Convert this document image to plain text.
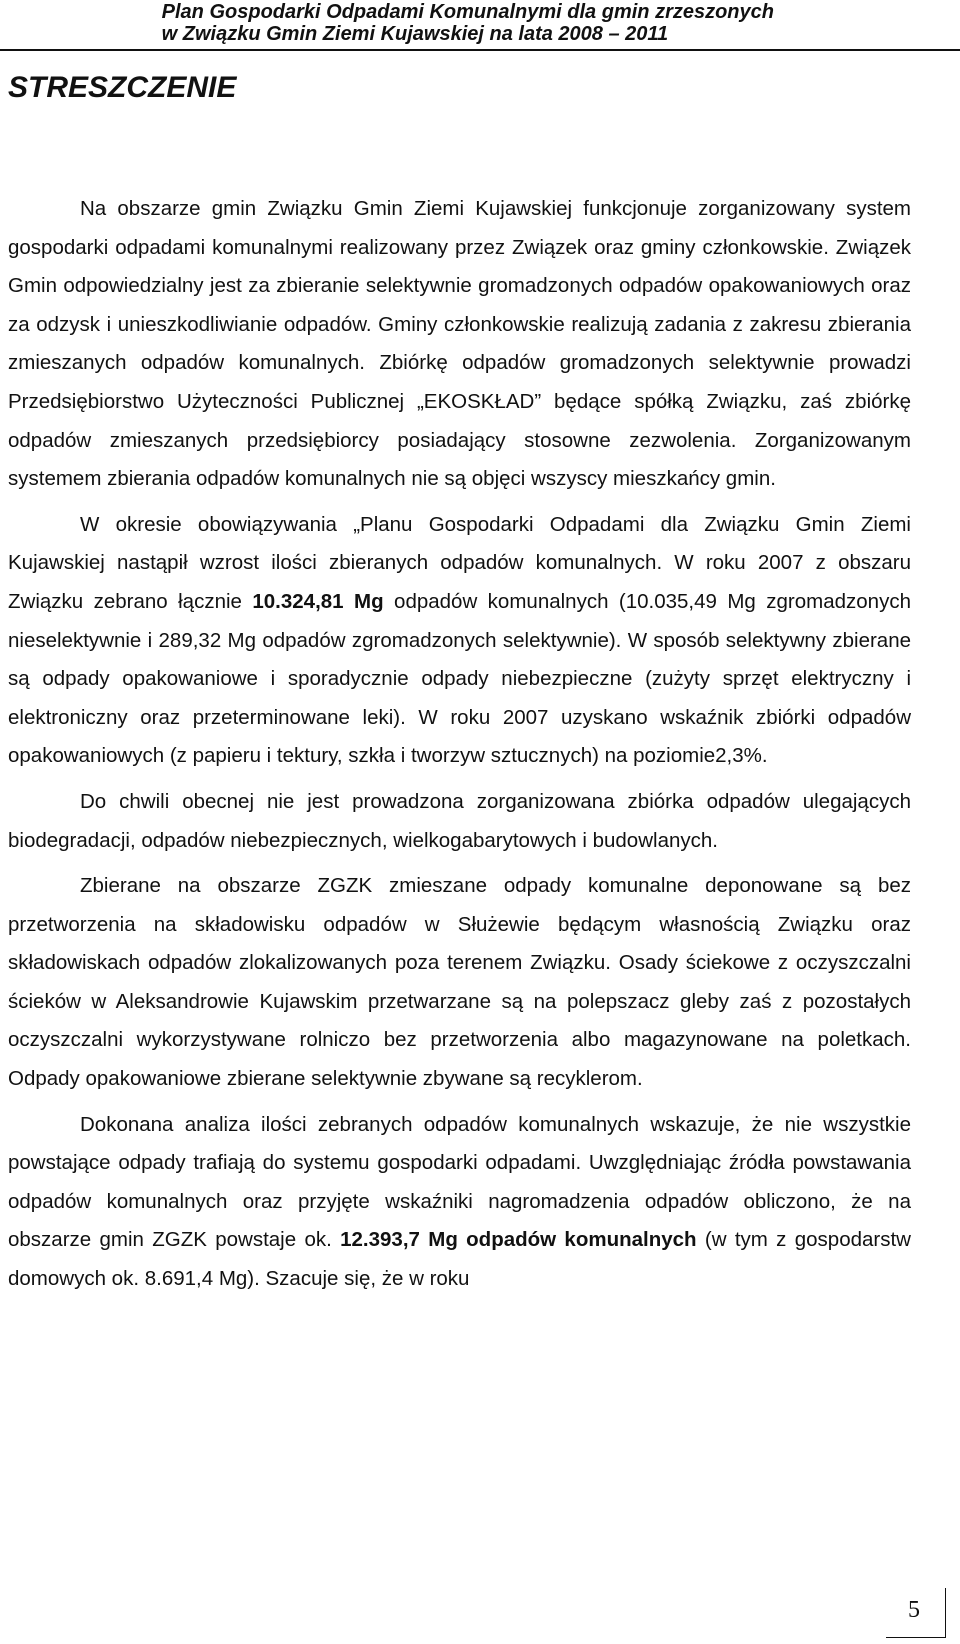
Plan Gospodarki Odpadami Komunalnymi dla gmin zrzeszonych
w Związku Gmin Ziemi Kujawskiej na lata 2008 – 2011
STRESZCZENIE

Na obszarze gmin Związku Gmin Ziemi Kujawskiej funkcjonuje zorganizowany system gospodarki odpadami komunalnymi realizowany przez Związek oraz gminy członkowskie. Związek Gmin odpowiedzialny jest za zbieranie selektywnie gromadzonych odpadów opakowaniowych oraz za odzysk i unieszkodliwianie odpadów. Gminy członkowskie realizują zadania z zakresu zbierania zmieszanych odpadów komunalnych. Zbiórkę odpadów gromadzonych selektywnie prowadzi Przedsiębiorstwo Użyteczności Publicznej „EKOSKŁAD” będące spółką Związku, zaś zbiórkę odpadów zmieszanych przedsiębiorcy posiadający stosowne zezwolenia. Zorganizowanym systemem zbierania odpadów komunalnych nie są objęci wszyscy mieszkańcy gmin.

W okresie obowiązywania „Planu Gospodarki Odpadami dla Związku Gmin Ziemi Kujawskiej nastąpił wzrost ilości zbieranych odpadów komunalnych. W roku 2007 z obszaru Związku zebrano łącznie 10.324,81 Mg odpadów komunalnych (10.035,49 Mg zgromadzonych nieselektywnie i 289,32 Mg odpadów zgromadzonych selektywnie). W sposób selektywny zbierane są odpady opakowaniowe i sporadycznie odpady niebezpieczne (zużyty sprzęt elektryczny i elektroniczny oraz przeterminowane leki). W roku 2007 uzyskano wskaźnik zbiórki odpadów opakowaniowych (z papieru i tektury, szkła i tworzyw sztucznych) na poziomie2,3%.

Do chwili obecnej nie jest prowadzona zorganizowana zbiórka odpadów ulegających biodegradacji, odpadów niebezpiecznych, wielkogabarytowych i budowlanych.

Zbierane na obszarze ZGZK zmieszane odpady komunalne deponowane są bez przetworzenia na składowisku odpadów w Służewie będącym własnością Związku oraz składowiskach odpadów zlokalizowanych poza terenem Związku. Osady ściekowe z oczyszczalni ścieków w Aleksandrowie Kujawskim przetwarzane są na polepszacz gleby zaś z pozostałych oczyszczalni wykorzystywane rolniczo bez przetworzenia albo magazynowane na poletkach. Odpady opakowaniowe zbierane selektywnie zbywane są recyklerom.

Dokonana analiza ilości zebranych odpadów komunalnych wskazuje, że nie wszystkie powstające odpady trafiają do systemu gospodarki odpadami. Uwzględniając źródła powstawania odpadów komunalnych oraz przyjęte wskaźniki nagromadzenia odpadów obliczono, że na obszarze gmin ZGZK powstaje ok. 12.393,7 Mg odpadów komunalnych (w tym z gospodarstw domowych ok. 8.691,4 Mg). Szacuje się, że w roku

5
